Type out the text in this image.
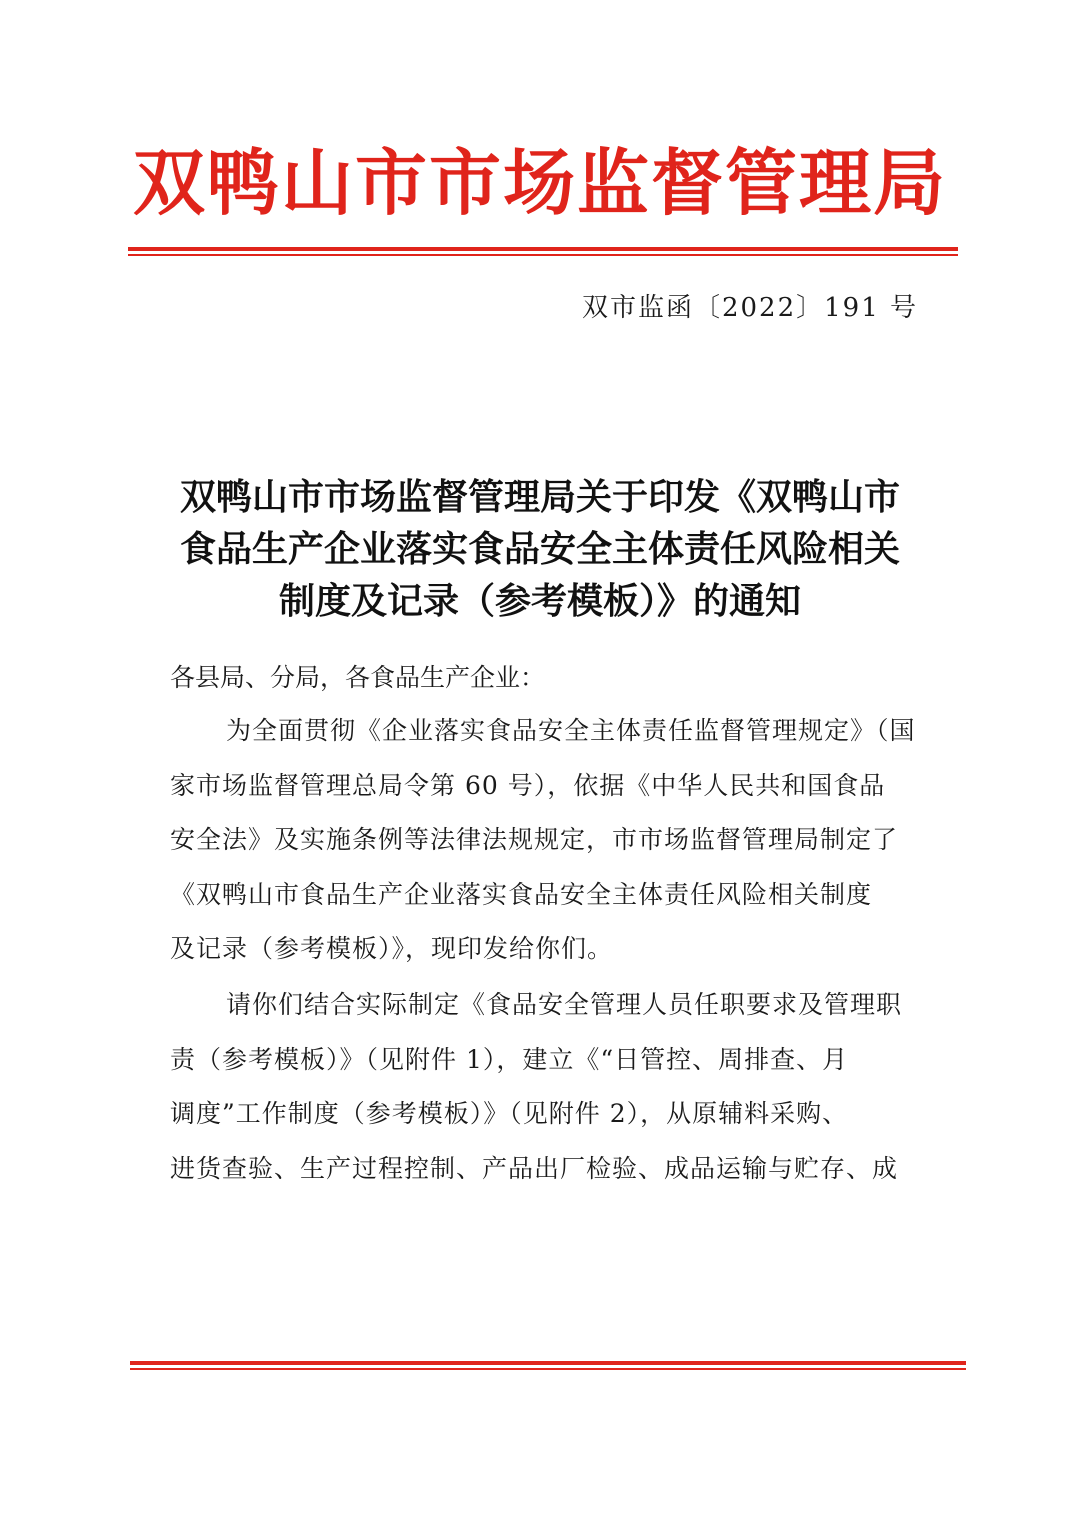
双鸭山市市场监督管理局
双市监函〔2022〕191 号
双鸭山市市场监督管理局关于印发《双鸭山市
食品生产企业落实食品安全主体责任风险相关
制度及记录（参考模板）》的通知
各县局、分局，各食品生产企业：
为全面贯彻《企业落实食品安全主体责任监督管理规定》（国
家市场监督管理总局令第 60 号），依据《中华人民共和国食品
安全法》及实施条例等法律法规规定，市市场监督管理局制定了
《双鸭山市食品生产企业落实食品安全主体责任风险相关制度
及记录（参考模板）》，现印发给你们。
请你们结合实际制定《食品安全管理人员任职要求及管理职
责（参考模板）》（见附件 1），建立《“日管控、周排查、月
调度”工作制度（参考模板）》（见附件 2），从原辅料采购、
进货查验、生产过程控制、产品出厂检验、成品运输与贮存、成
